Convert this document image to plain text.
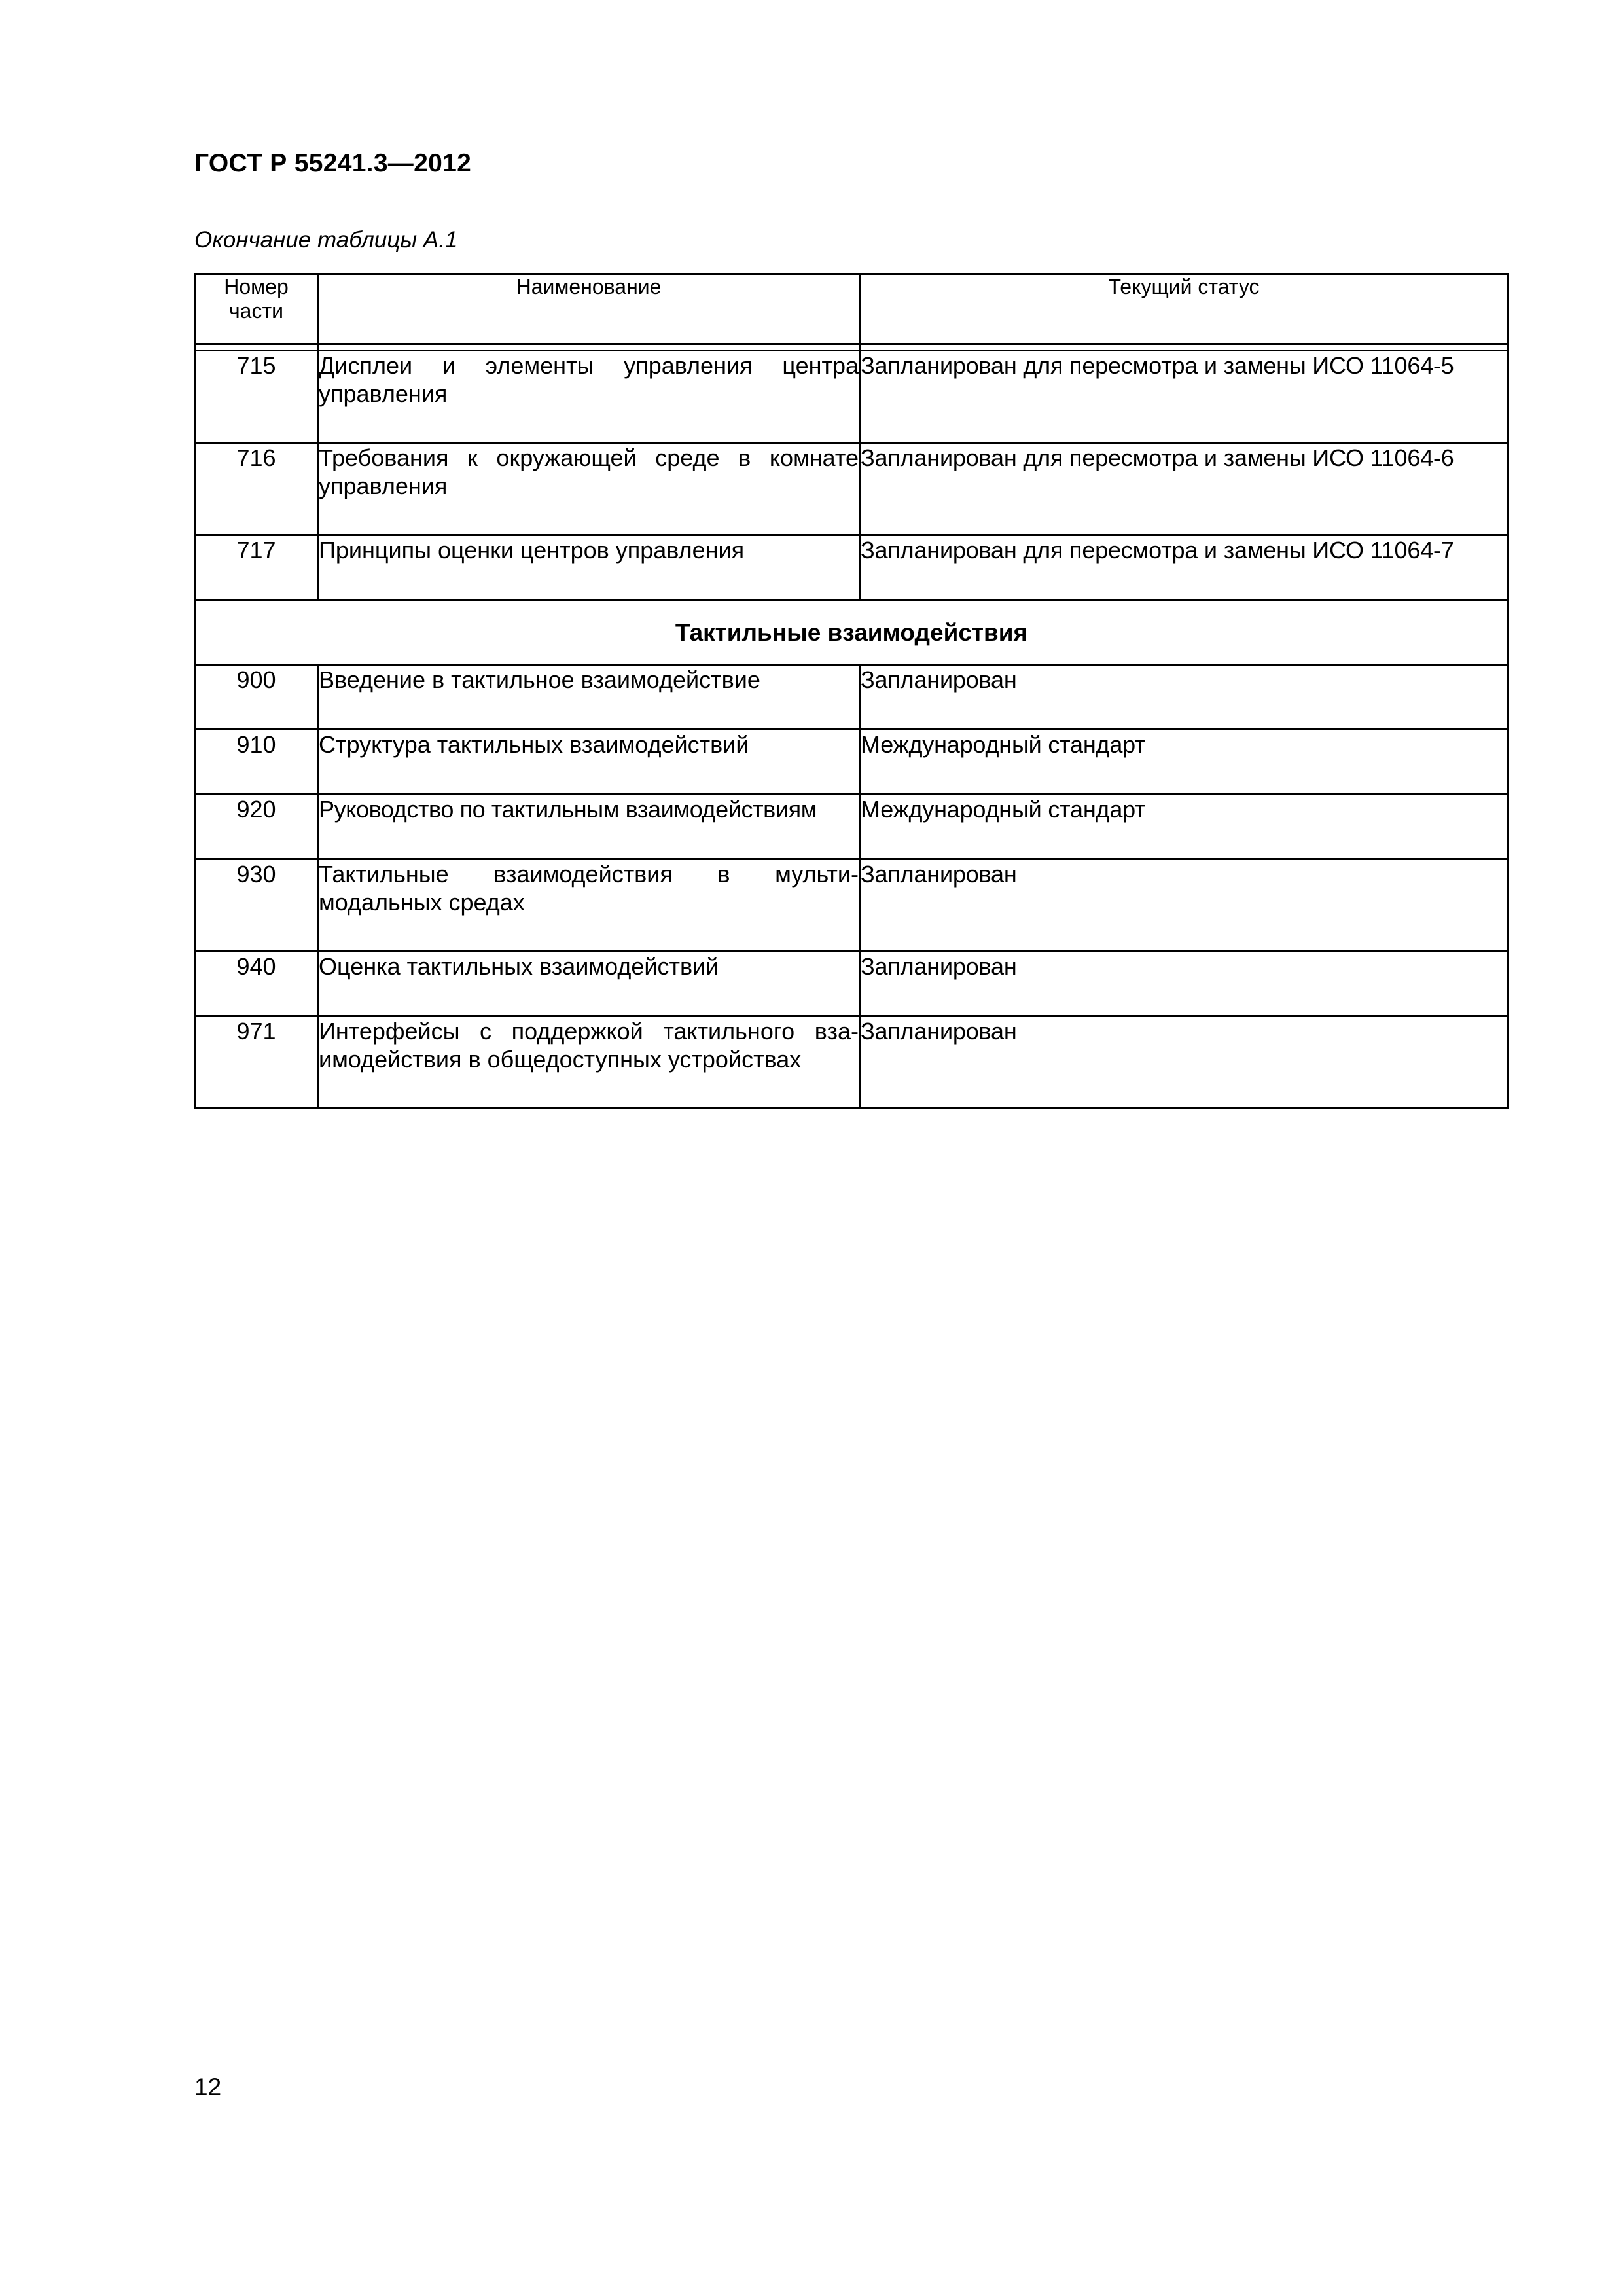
ГОСТ Р 55241.3—2012

Окончание таблицы А.1

Номер части	Наименование	Текущий статус

715	Дисплеи и элементы управления центра управления	Запланирован для пересмотра и замены ИСО 11064-5
716	Требования к окружающей среде в комнате управления	Запланирован для пересмотра и замены ИСО 11064-6
717	Принципы оценки центров управления	Запланирован для пересмотра и замены ИСО 11064-7
Тактильные взаимодействия		
900	Введение в тактильное взаимодействие	Запланирован
910	Структура тактильных взаимодействий	Международный стандарт
920	Руководство по тактильным взаимодействиям	Международный стандарт
930	Тактильные взаимодействия в мультимодальных средах	Запланирован
940	Оценка тактильных взаимодействий	Запланирован
971	Интерфейсы с поддержкой тактильного взаимодействия в общедоступных устройствах	Запланирован

12
